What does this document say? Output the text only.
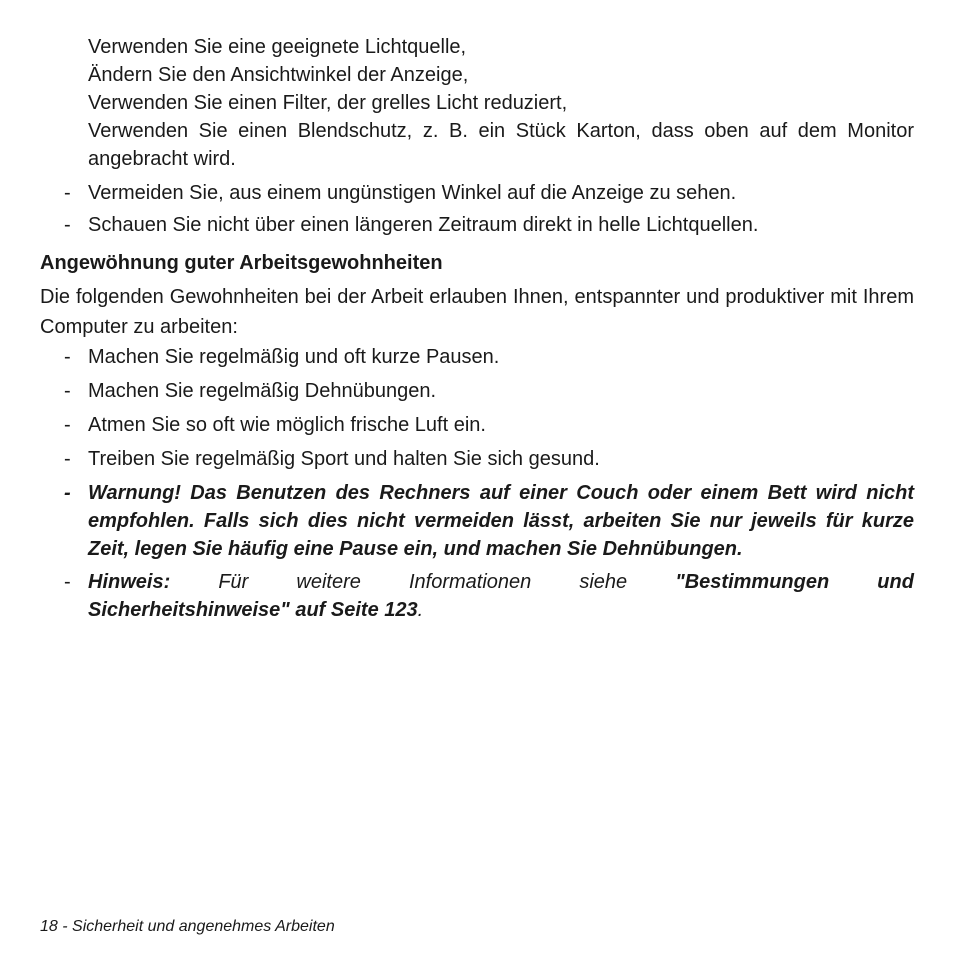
Verwenden Sie eine geeignete Lichtquelle,

Ändern Sie den Ansichtwinkel der Anzeige,

Verwenden Sie einen Filter, der grelles Licht reduziert,

Verwenden Sie einen Blendschutz, z. B. ein Stück Karton, dass oben auf dem Monitor angebracht wird.

- Vermeiden Sie, aus einem ungünstigen Winkel auf die Anzeige zu sehen.
- Schauen Sie nicht über einen längeren Zeitraum direkt in helle Lichtquellen.
Angewöhnung guter Arbeitsgewohnheiten

Die folgenden Gewohnheiten bei der Arbeit erlauben Ihnen, entspannter und produktiver mit Ihrem Computer zu arbeiten:

- Machen Sie regelmäßig und oft kurze Pausen.
- Machen Sie regelmäßig Dehnübungen.
- Atmen Sie so oft wie möglich frische Luft ein.
- Treiben Sie regelmäßig Sport und halten Sie sich gesund.
- Warnung! Das Benutzen des Rechners auf einer Couch oder einem Bett wird nicht empfohlen. Falls sich dies nicht vermeiden lässt, arbeiten Sie nur jeweils für kurze Zeit, legen Sie häufig eine Pause ein, und machen Sie Dehnübungen.
- Hinweis: Für weitere Informationen siehe "Bestimmungen und
Sicherheitshinweise" auf Seite 123.
18 - Sicherheit und angenehmes Arbeiten
